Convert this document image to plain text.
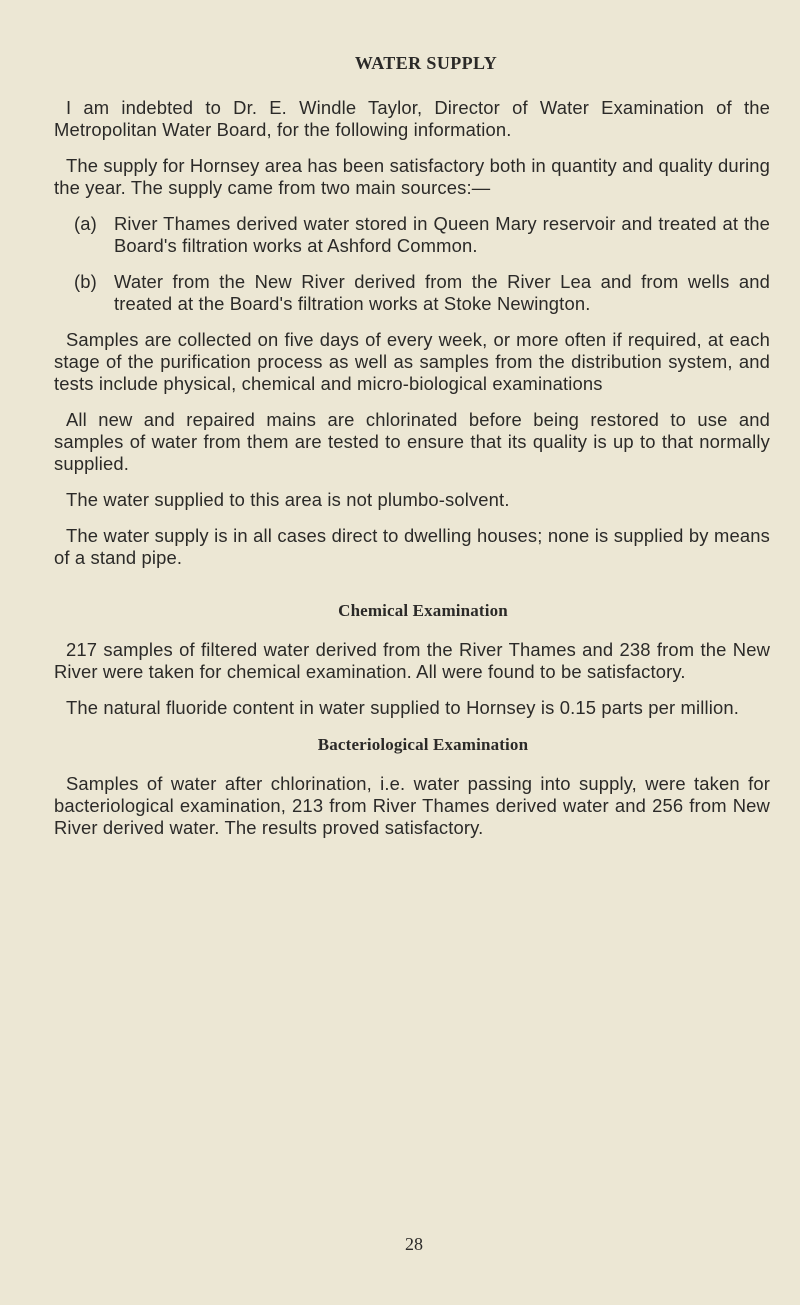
WATER SUPPLY

I am indebted to Dr. E. Windle Taylor, Director of Water Examination of the Metropolitan Water Board, for the following information.

The supply for Hornsey area has been satisfactory both in quantity and quality during the year. The supply came from two main sources:—

(a) River Thames derived water stored in Queen Mary reservoir and treated at the Board's filtration works at Ashford Common.
(b) Water from the New River derived from the River Lea and from wells and treated at the Board's filtration works at Stoke Newington.

Samples are collected on five days of every week, or more often if required, at each stage of the purification process as well as samples from the distribution system, and tests include physical, chemical and micro-biological examinations

All new and repaired mains are chlorinated before being restored to use and samples of water from them are tested to ensure that its quality is up to that normally supplied.

The water supplied to this area is not plumbo-solvent.

The water supply is in all cases direct to dwelling houses; none is supplied by means of a stand pipe.

Chemical Examination

217 samples of filtered water derived from the River Thames and 238 from the New River were taken for chemical examination. All were found to be satisfactory.

The natural fluoride content in water supplied to Hornsey is 0.15 parts per million.

Bacteriological Examination

Samples of water after chlorination, i.e. water passing into supply, were taken for bacteriological examination, 213 from River Thames derived water and 256 from New River derived water. The results proved satisfactory.

28
